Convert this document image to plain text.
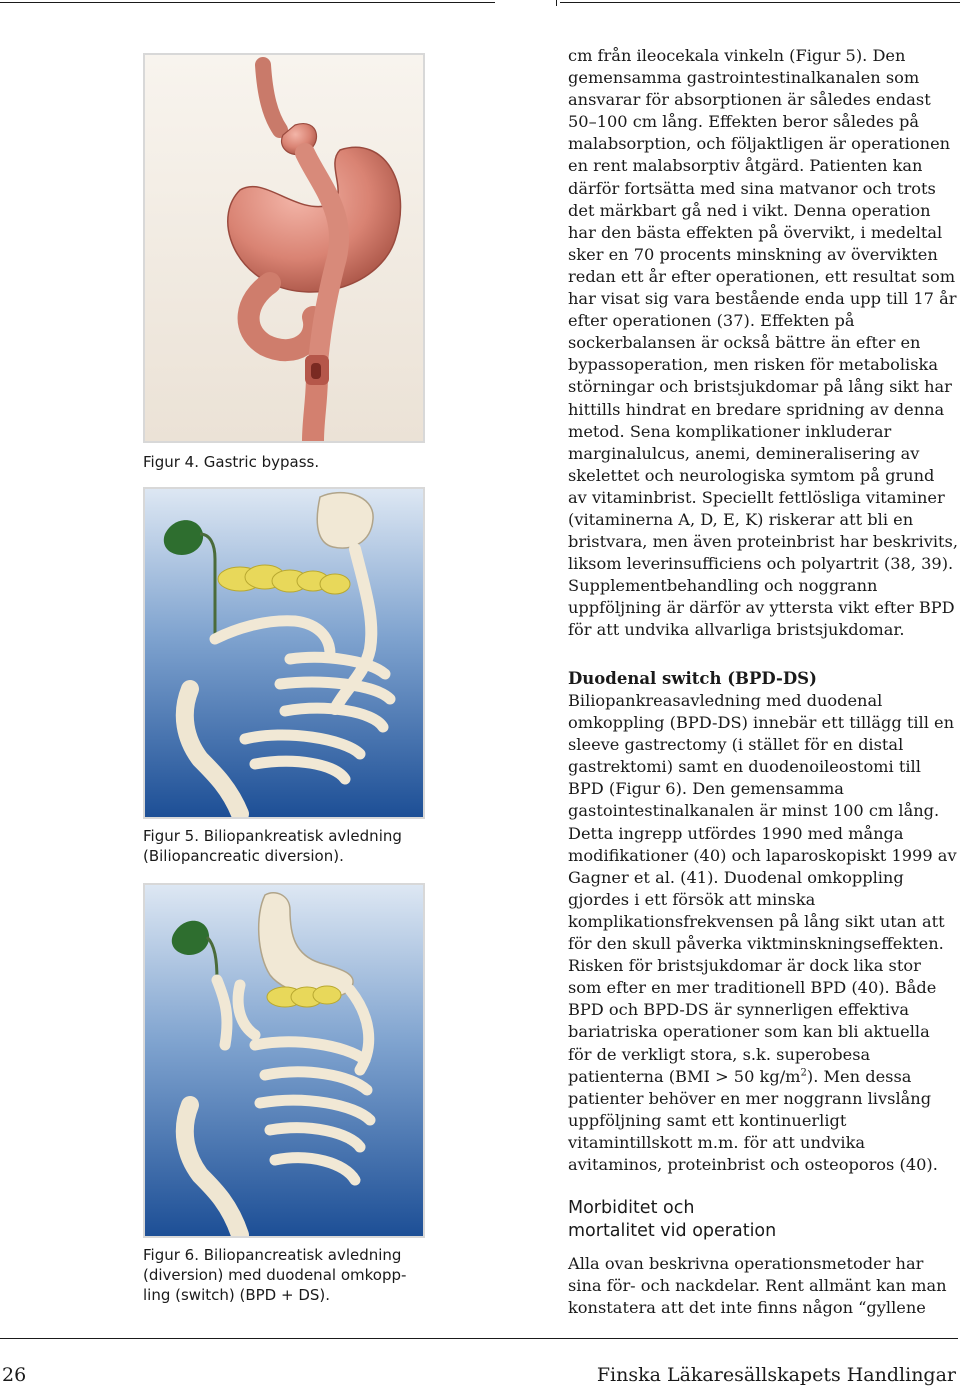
Figur 4. Gastric bypass.
Figur 5. Biliopankreatisk avledning
(Biliopancreatic diversion).
Figur 6. Biliopancreatisk avledning
(diversion) med duodenal omkopp-
ling (switch) (BPD + DS).

cm från ileocekala vinkeln (Figur 5). Den gemensamma gastrointestinalkanalen som ansvarar för absorptionen är således endast 50–100 cm lång. Effekten beror således på malabsorption, och följaktligen är operationen en rent malabsorptiv åtgärd. Patienten kan därför fortsätta med sina matvanor och trots det märkbart gå ned i vikt. Denna operation har den bästa effekten på övervikt, i medeltal sker en 70 procents minskning av övervikten redan ett år efter operationen, ett resultat som har visat sig vara bestående enda upp till 17 år efter operationen (37). Effekten på sockerbalansen är också bättre än efter en bypassoperation, men risken för metaboliska störningar och bristsjukdomar på lång sikt har hittills hindrat en bredare spridning av denna metod. Sena komplikationer inkluderar marginalulcus, anemi, demineralisering av skelettet och neurologiska symtom på grund av vitaminbrist. Speciellt fettlösliga vitaminer (vitaminerna A, D, E, K) riskerar att bli en bristvara, men även proteinbrist har beskrivits, liksom leverinsufficiens och polyartrit (38, 39). Supplementbehandling och noggrann uppföljning är därför av yttersta vikt efter BPD för att undvika allvarliga bristsjukdomar.

Duodenal switch (BPD-DS)

Biliopankreasavledning med duodenal omkoppling (BPD-DS) innebär ett tillägg till en sleeve gastrectomy (i stället för en distal gastrektomi) samt en duodenoileostomi till BPD (Figur 6). Den gemensamma gastointestinalkanalen är minst 100 cm lång. Detta ingrepp utfördes 1990 med många modifikationer (40) och laparoskopiskt 1999 av Gagner et al. (41). Duodenal omkoppling gjordes i ett försök att minska komplikationsfrekvensen på lång sikt utan att för den skull påverka viktminskningseffekten. Risken för bristsjukdomar är dock lika stor som efter en mer traditionell BPD (40). Både BPD och BPD-DS är synnerligen effektiva bariatriska operationer som kan bli aktuella för de verkligt stora, s.k. superobesa patienterna (BMI > 50 $kg/m^2$). Men dessa patienter behöver en mer noggrann livslång uppföljning samt ett kontinuerligt vitamintillskott m.m. för att undvika avitaminos, proteinbrist och osteoporos (40).

Morbiditet och
mortalitet vid operation

Alla ovan beskrivna operationsmetoder har sina för- och nackdelar. Rent allmänt kan man konstatera att det inte finns någon “gyllene

26	Finska Läkaresällskapets Handlingar
